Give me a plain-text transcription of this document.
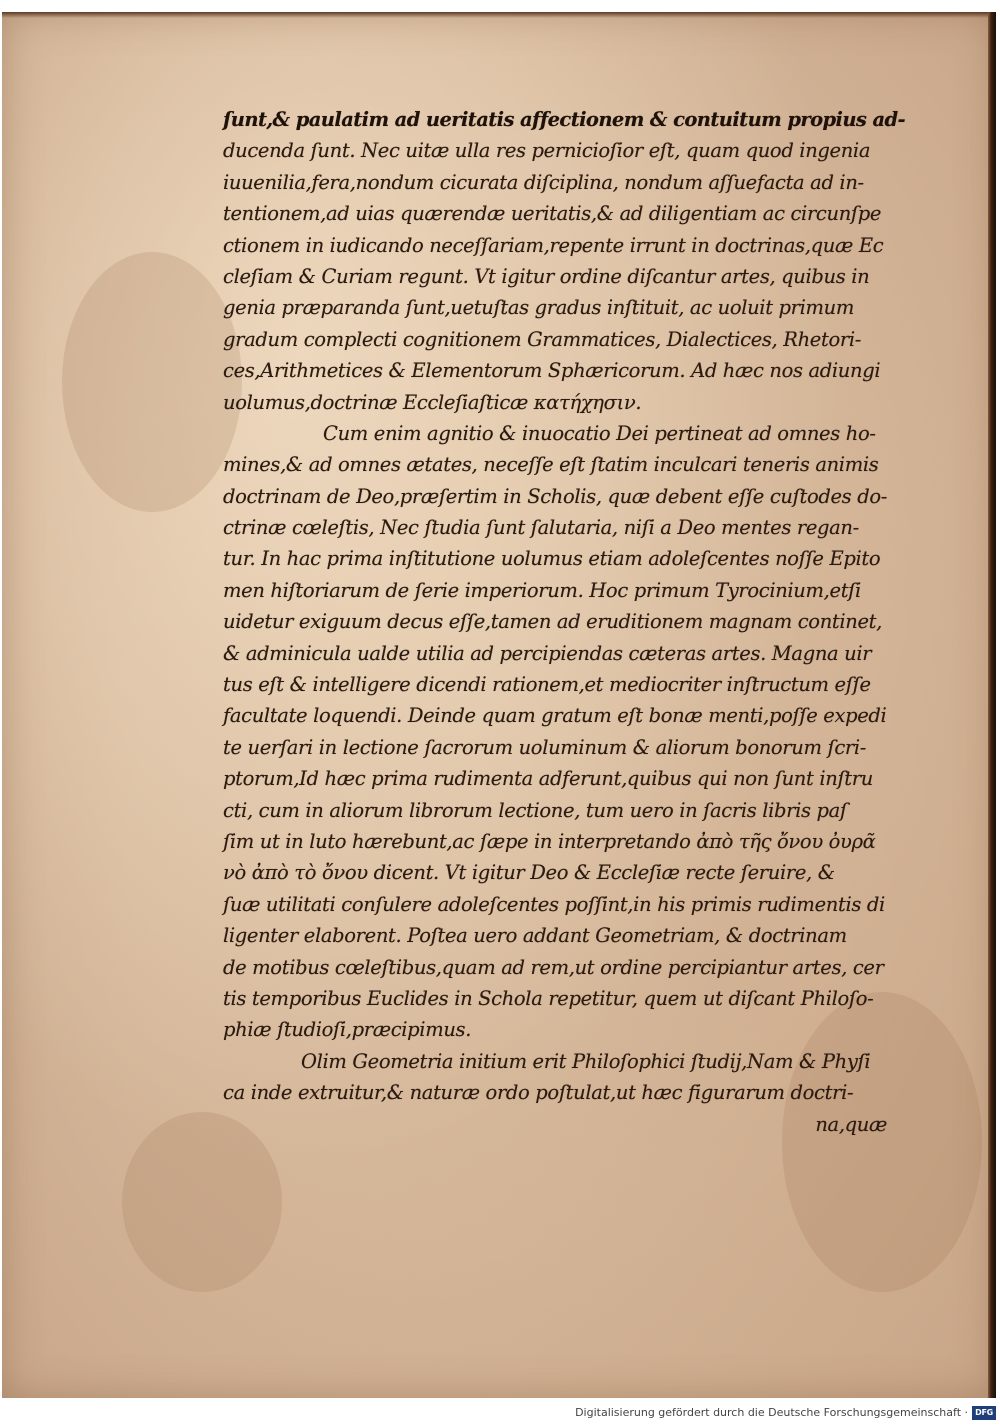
ſunt,& paulatim ad ueritatis affectionem & contuitum propius ad-
ducenda ſunt. Nec uitæ ulla res pernicioſior eſt, quam quod ingenia
iuuenilia,fera,nondum cicurata diſciplina, nondum aſſuefacta ad in-
tentionem,ad uias quærendæ ueritatis,& ad diligentiam ac circunſpe
ctionem in iudicando neceſſariam,repente irrunt in doctrinas,quæ Ec
cleſiam & Curiam regunt. Vt igitur ordine diſcantur artes, quibus in
genia præparanda ſunt,uetuſtas gradus inſtituit, ac uoluit primum
gradum complecti cognitionem Grammatices, Dialectices, Rhetori-
ces,Arithmetices & Elementorum Sphæricorum. Ad hæc nos adiungi
uolumus,doctrinæ Eccleſiaſticæ κατήχησιν.
Cum enim agnitio & inuocatio Dei pertineat ad omnes ho-
mines,& ad omnes ætates, neceſſe eſt ſtatim inculcari teneris animis
doctrinam de Deo,præſertim in Scholis, quæ debent eſſe cuſtodes do-
ctrinæ cœleſtis, Nec ſtudia ſunt ſalutaria, niſi a Deo mentes regan-
tur. In hac prima inſtitutione uolumus etiam adoleſcentes noſſe Epito
men hiſtoriarum de ſerie imperiorum. Hoc primum Tyrocinium,etſi
uidetur exiguum decus eſſe,tamen ad eruditionem magnam continet,
& adminicula ualde utilia ad percipiendas cæteras artes. Magna uir
tus eſt & intelligere dicendi rationem,et mediocriter inſtructum eſſe
facultate loquendi. Deinde quam gratum eſt bonæ menti,poſſe expedi
te uerſari in lectione ſacrorum uoluminum & aliorum bonorum ſcri-
ptorum,Id hæc prima rudimenta adferunt,quibus qui non ſunt inſtru
cti, cum in aliorum librorum lectione, tum uero in ſacris libris paſ
ſim ut in luto hærebunt,ac ſæpe in interpretando ἀπὸ τῆς ὄνου ὀυρᾶ
νὸ ἀπὸ τὸ ὄνου dicent. Vt igitur Deo & Eccleſiæ recte ſeruire, &
ſuæ utilitati conſulere adoleſcentes poſſint,in his primis rudimentis di
ligenter elaborent. Poſtea uero addant Geometriam, & doctrinam
de motibus cœleſtibus,quam ad rem,ut ordine percipiantur artes, cer
tis temporibus Euclides in Schola repetitur, quem ut diſcant Philoſo-
phiæ ſtudioſi,præcipimus.
Olim Geometria initium erit Philoſophici ſtudij,Nam & Phyſi
ca inde extruitur,& naturæ ordo poſtulat,ut hæc figurarum doctri-
na,quæ
Digitalisierung gefördert durch die Deutsche Forschungsgemeinschaft · DFG
